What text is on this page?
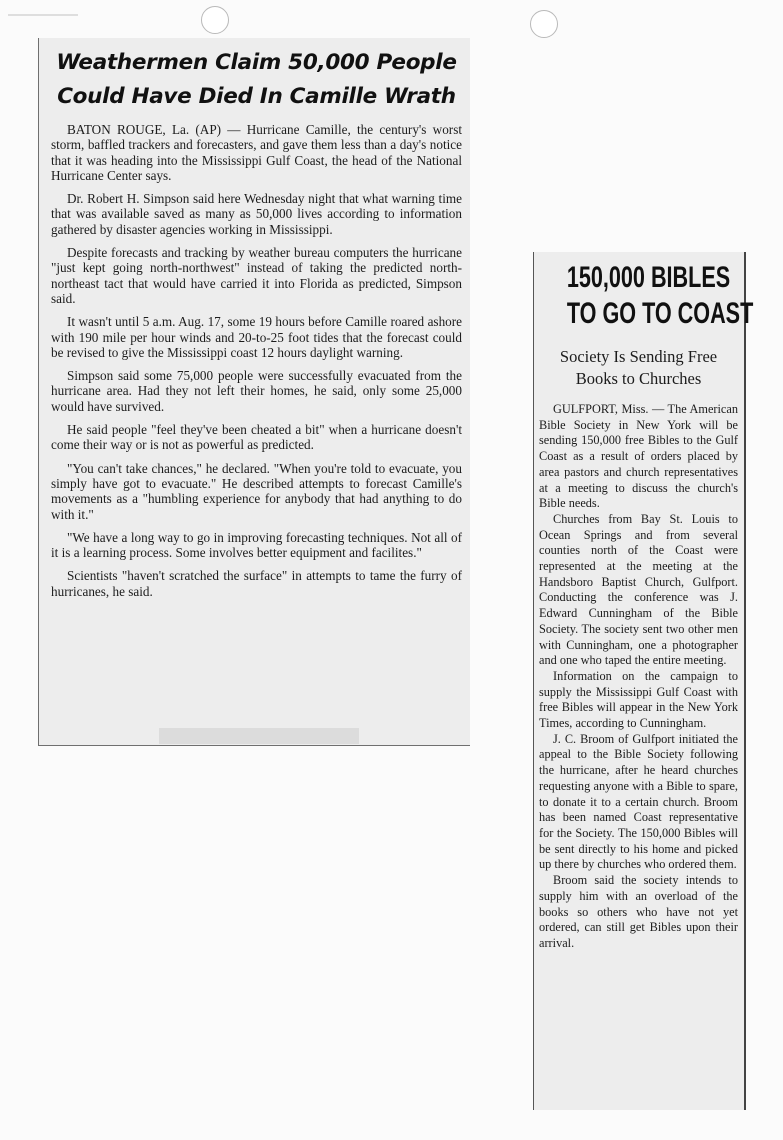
Weathermen Claim 50,000 People Could Have Died In Camille Wrath

BATON ROUGE, La. (AP) — Hurricane Camille, the century's worst storm, baffled trackers and forecasters, and gave them less than a day's notice that it was heading into the Mississippi Gulf Coast, the head of the National Hurricane Center says.

Dr. Robert H. Simpson said here Wednesday night that what warning time that was available saved as many as 50,000 lives according to information gathered by disaster agencies working in Mississippi.

Despite forecasts and tracking by weather bureau computers the hurricane "just kept going north-northwest" instead of taking the predicted north-northeast tact that would have carried it into Florida as predicted, Simpson said.

It wasn't until 5 a.m. Aug. 17, some 19 hours before Camille roared ashore with 190 mile per hour winds and 20-to-25 foot tides that the forecast could be revised to give the Mississippi coast 12 hours daylight warning.

Simpson said some 75,000 people were successfully evacuated from the hurricane area. Had they not left their homes, he said, only some 25,000 would have survived.

He said people "feel they've been cheated a bit" when a hurricane doesn't come their way or is not as powerful as predicted.

"You can't take chances," he declared. "When you're told to evacuate, you simply have got to evacuate." He described attempts to forecast Camille's movements as a "humbling experience for anybody that had anything to do with it."

"We have a long way to go in improving forecasting techniques. Not all of it is a learning process. Some involves better equipment and facilites."

Scientists "haven't scratched the surface" in attempts to tame the furry of hurricanes, he said.

150,000 BIBLES
TO GO TO COAST
Society Is Sending Free Books to Churches

GULFPORT, Miss. — The American Bible Society in New York will be sending 150,000 free Bibles to the Gulf Coast as a result of orders placed by area pastors and church representatives at a meeting to discuss the church's Bible needs.

Churches from Bay St. Louis to Ocean Springs and from several counties north of the Coast were represented at the meeting at the Handsboro Baptist Church, Gulfport. Conducting the conference was J. Edward Cunningham of the Bible Society. The society sent two other men with Cunningham, one a photographer and one who taped the entire meeting.

Information on the campaign to supply the Mississippi Gulf Coast with free Bibles will appear in the New York Times, according to Cunningham.

J. C. Broom of Gulfport initiated the appeal to the Bible Society following the hurricane, after he heard churches requesting anyone with a Bible to spare, to donate it to a certain church. Broom has been named Coast representative for the Society. The 150,000 Bibles will be sent directly to his home and picked up there by churches who ordered them.

Broom said the society intends to supply him with an overload of the books so others who have not yet ordered, can still get Bibles upon their arrival.
